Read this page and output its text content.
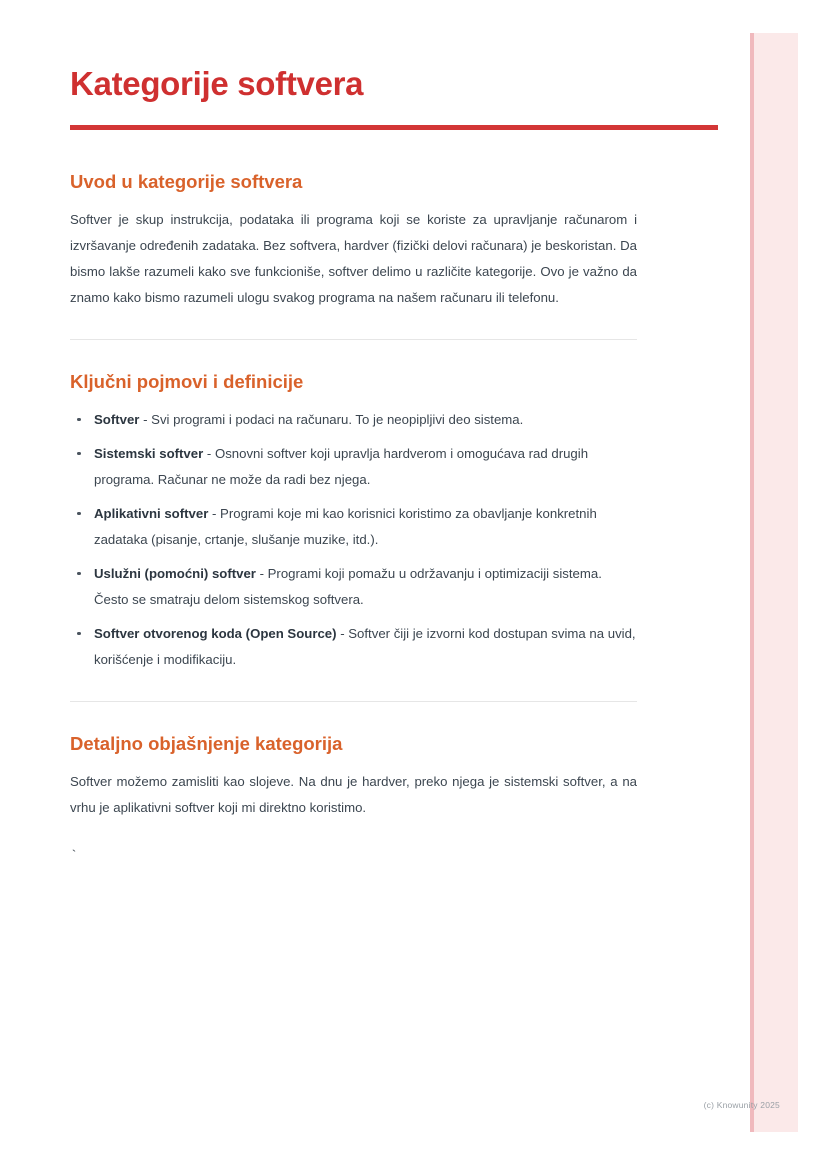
Kategorije softvera
Uvod u kategorije softvera

Softver je skup instrukcija, podataka ili programa koji se koriste za upravljanje računarom i izvršavanje određenih zadataka. Bez softvera, hardver (fizički delovi računara) je beskoristan. Da bismo lakše razumeli kako sve funkcioniše, softver delimo u različite kategorije. Ovo je važno da znamo kako bismo razumeli ulogu svakog programa na našem računaru ili telefonu.

Ključni pojmovi i definicije
Softver - Svi programi i podaci na računaru. To je neopipljivi deo sistema.
Sistemski softver - Osnovni softver koji upravlja hardverom i omogućava rad drugih programa. Računar ne može da radi bez njega.
Aplikativni softver - Programi koje mi kao korisnici koristimo za obavljanje konkretnih zadataka (pisanje, crtanje, slušanje muzike, itd.).
Uslužni (pomoćni) softver - Programi koji pomažu u održavanju i optimizaciji sistema. Često se smatraju delom sistemskog softvera.
Softver otvorenog koda (Open Source) - Softver čiji je izvorni kod dostupan svima na uvid, korišćenje i modifikaciju.
Detaljno objašnjenje kategorija

Softver možemo zamisliti kao slojeve. Na dnu je hardver, preko njega je sistemski softver, a na vrhu je aplikativni softver koji mi direktno koristimo.

`
(c) Knowunity 2025
